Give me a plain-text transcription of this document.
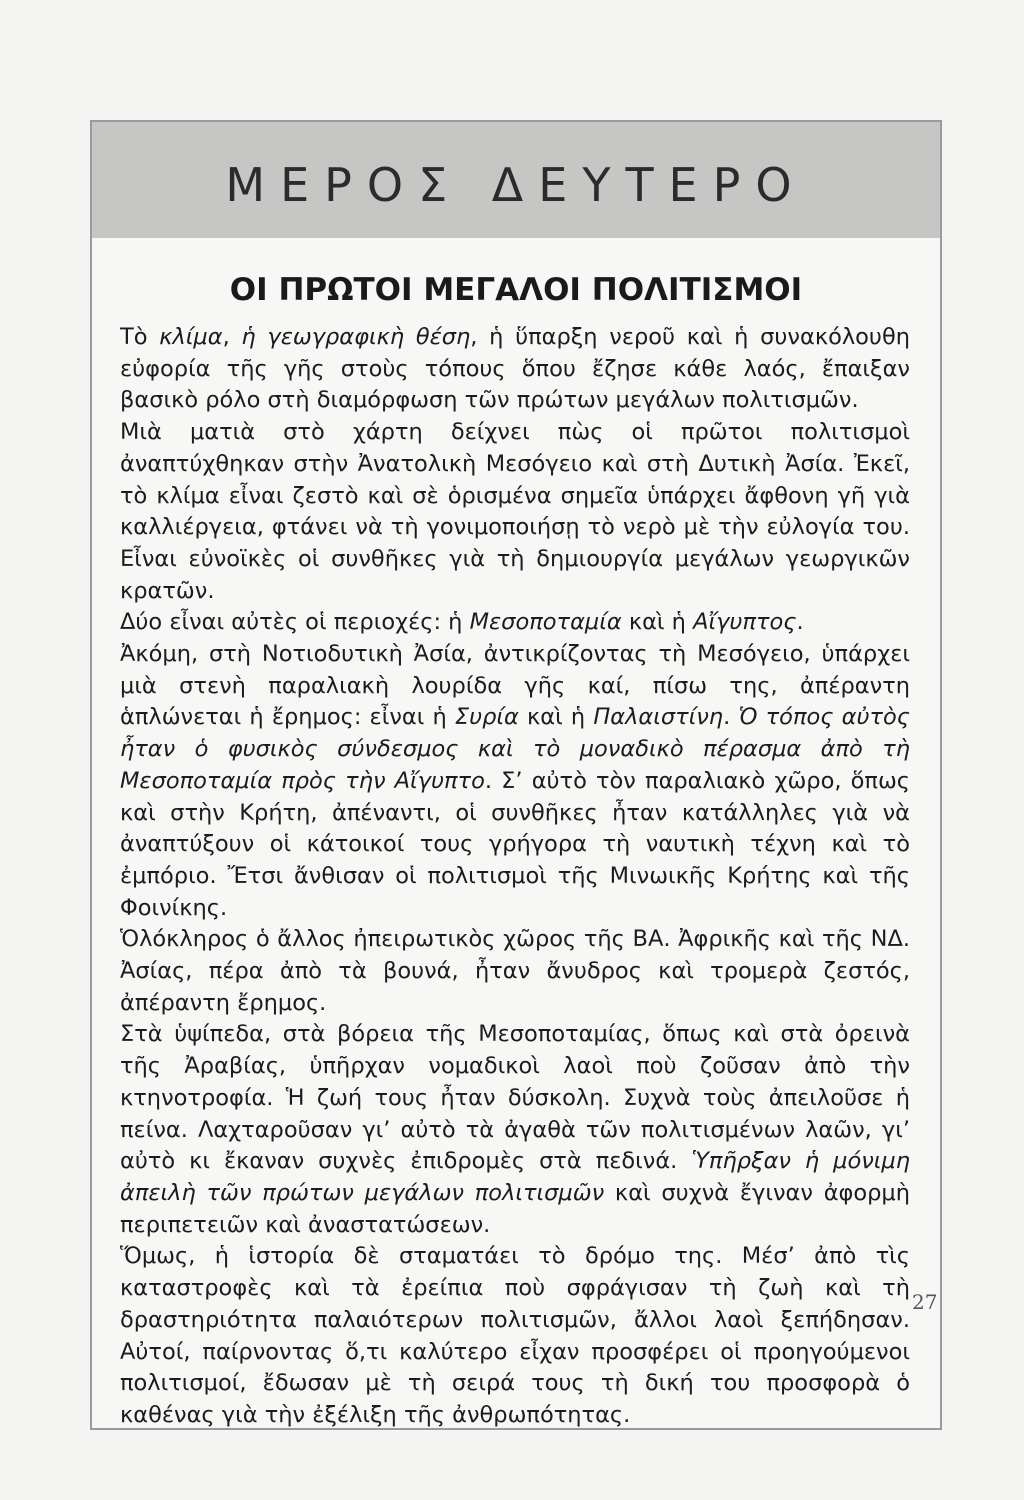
ΜΕΡΟΣ ΔΕΥΤΕΡΟ
ΟΙ ΠΡΩΤΟΙ ΜΕΓΑΛΟΙ ΠΟΛΙΤΙΣΜΟΙ

Τὸ κλίμα, ἡ γεωγραφικὴ θέση, ἡ ὕπαρξη νεροῦ καὶ ἡ συνακόλουθη εὐφορία τῆς γῆς στοὺς τόπους ὅπου ἔζησε κάθε λαός, ἔπαιξαν βασικὸ ρόλο στὴ διαμόρφωση τῶν πρώτων μεγάλων πολιτισμῶν.

Μιὰ ματιὰ στὸ χάρτη δείχνει πὼς οἱ πρῶτοι πολιτισμοὶ ἀναπτύχθηκαν στὴν Ἀνατολικὴ Μεσόγειο καὶ στὴ Δυτικὴ Ἀσία. Ἐκεῖ, τὸ κλίμα εἶναι ζεστὸ καὶ σὲ ὁρισμένα σημεῖα ὑπάρχει ἄφθονη γῆ γιὰ καλλιέργεια, φτάνει νὰ τὴ γονιμοποιήσῃ τὸ νερὸ μὲ τὴν εὐλογία του. Εἶναι εὐνοϊκὲς οἱ συνθῆκες γιὰ τὴ δημιουργία μεγάλων γεωργικῶν κρατῶν.

Δύο εἶναι αὐτὲς οἱ περιοχές: ἡ Μεσοποταμία καὶ ἡ Αἴγυπτος.

Ἀκόμη, στὴ Νοτιοδυτικὴ Ἀσία, ἀντικρίζοντας τὴ Μεσόγειο, ὑπάρχει μιὰ στενὴ παραλιακὴ λουρίδα γῆς καί, πίσω της, ἀπέραντη ἁπλώνεται ἡ ἔρημος: εἶναι ἡ Συρία καὶ ἡ Παλαιστίνη. Ὁ τόπος αὐτὸς ἦταν ὁ φυσικὸς σύνδεσμος καὶ τὸ μοναδικὸ πέρασμα ἀπὸ τὴ Μεσοποταμία πρὸς τὴν Αἴγυπτο. Σ’ αὐτὸ τὸν παραλιακὸ χῶρο, ὅπως καὶ στὴν Κρήτη, ἀπέναντι, οἱ συνθῆκες ἦταν κατάλληλες γιὰ νὰ ἀναπτύξουν οἱ κάτοικοί τους γρήγορα τὴ ναυτικὴ τέχνη καὶ τὸ ἐμπόριο. Ἔτσι ἄνθισαν οἱ πολιτισμοὶ τῆς Μινωικῆς Κρήτης καὶ τῆς Φοινίκης.

Ὁλόκληρος ὁ ἄλλος ἠπειρωτικὸς χῶρος τῆς ΒΑ. Ἀφρικῆς καὶ τῆς ΝΔ. Ἀσίας, πέρα ἀπὸ τὰ βουνά, ἦταν ἄνυδρος καὶ τρομερὰ ζεστός, ἀπέραντη ἔρημος.

Στὰ ὑψίπεδα, στὰ βόρεια τῆς Μεσοποταμίας, ὅπως καὶ στὰ ὀρεινὰ τῆς Ἀραβίας, ὑπῆρχαν νομαδικοὶ λαοὶ ποὺ ζοῦσαν ἀπὸ τὴν κτηνοτροφία. Ἡ ζωή τους ἦταν δύσκολη. Συχνὰ τοὺς ἀπειλοῦσε ἡ πείνα. Λαχταροῦσαν γι’ αὐτὸ τὰ ἀγαθὰ τῶν πολιτισμένων λαῶν, γι’ αὐτὸ κι ἔκαναν συχνὲς ἐπιδρομὲς στὰ πεδινά. Ὑπῆρξαν ἡ μόνιμη ἀπειλὴ τῶν πρώτων μεγάλων πολιτισμῶν καὶ συχνὰ ἔγιναν ἀφορμὴ περιπετειῶν καὶ ἀναστατώσεων.

Ὅμως, ἡ ἱστορία δὲ σταματάει τὸ δρόμο της. Μέσ’ ἀπὸ τὶς καταστροφὲς καὶ τὰ ἐρείπια ποὺ σφράγισαν τὴ ζωὴ καὶ τὴ δραστηριότητα παλαιότερων πολιτισμῶν, ἄλλοι λαοὶ ξεπήδησαν. Αὐτοί, παίρνοντας ὅ,τι καλύτερο εἶχαν προσφέρει οἱ προηγούμενοι πολιτισμοί, ἔδωσαν μὲ τὴ σειρά τους τὴ δική του προσφορὰ ὁ καθένας γιὰ τὴν ἐξέλιξη τῆς ἀνθρωπότητας.

27
